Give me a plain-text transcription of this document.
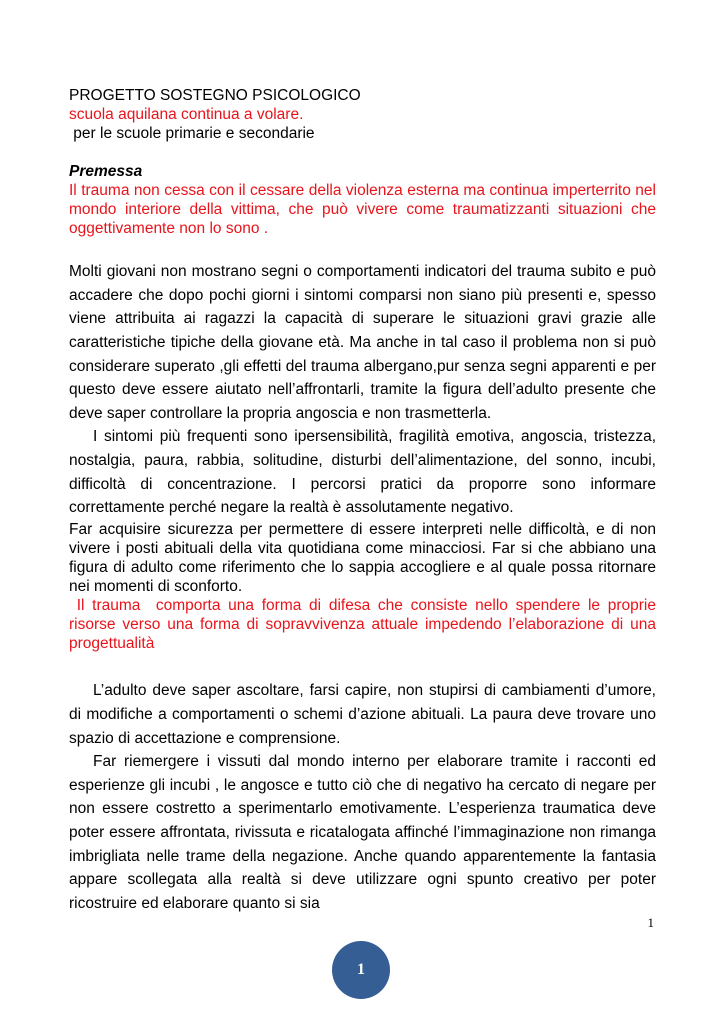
PROGETTO SOSTEGNO PSICOLOGICO
scuola aquilana continua a volare.
per le scuole primarie e secondarie
Premessa
Il trauma non cessa con il cessare della violenza esterna ma continua imperterrito nel mondo interiore della vittima, che può vivere come traumatizzanti situazioni che oggettivamente non lo sono .
Molti giovani non mostrano segni o comportamenti indicatori del trauma subito e può accadere che dopo pochi giorni i sintomi comparsi non siano più presenti e, spesso viene attribuita ai ragazzi la capacità di superare le situazioni gravi grazie alle caratteristiche tipiche della giovane età. Ma anche in tal caso il problema non si può considerare superato ,gli effetti del trauma albergano,pur senza segni apparenti e per questo deve essere aiutato nell’affrontarli, tramite la figura dell’adulto presente che deve saper controllare la propria angoscia e non trasmetterla.
I sintomi più frequenti sono ipersensibilità, fragilità emotiva, angoscia, tristezza, nostalgia, paura, rabbia, solitudine, disturbi dell’alimentazione, del sonno, incubi, difficoltà di concentrazione. I percorsi pratici da proporre sono informare correttamente perché negare la realtà è assolutamente negativo.
Far acquisire sicurezza per permettere di essere interpreti nelle difficoltà, e di non vivere i posti abituali della vita quotidiana come minacciosi. Far si che abbiano una figura di adulto come riferimento che lo sappia accogliere e al quale possa ritornare nei momenti di sconforto.
Il trauma  comporta una forma di difesa che consiste nello spendere le proprie risorse verso una forma di sopravvivenza attuale impedendo l’elaborazione di una progettualità
L’adulto deve saper ascoltare, farsi capire, non stupirsi di cambiamenti d’umore, di modifiche a comportamenti o schemi d’azione abituali. La paura deve trovare uno spazio di accettazione e comprensione.
Far riemergere i vissuti dal mondo interno per elaborare tramite i racconti ed esperienze gli incubi , le angosce e tutto ciò che di negativo ha cercato di negare per non essere costretto a sperimentarlo emotivamente. L’esperienza traumatica deve poter essere affrontata, rivissuta e ricatalogata affinché l’immaginazione non rimanga imbrigliata nelle trame della negazione. Anche quando apparentemente la fantasia appare scollegata alla realtà si deve utilizzare ogni spunto creativo per poter ricostruire ed elaborare quanto si sia
1
1
